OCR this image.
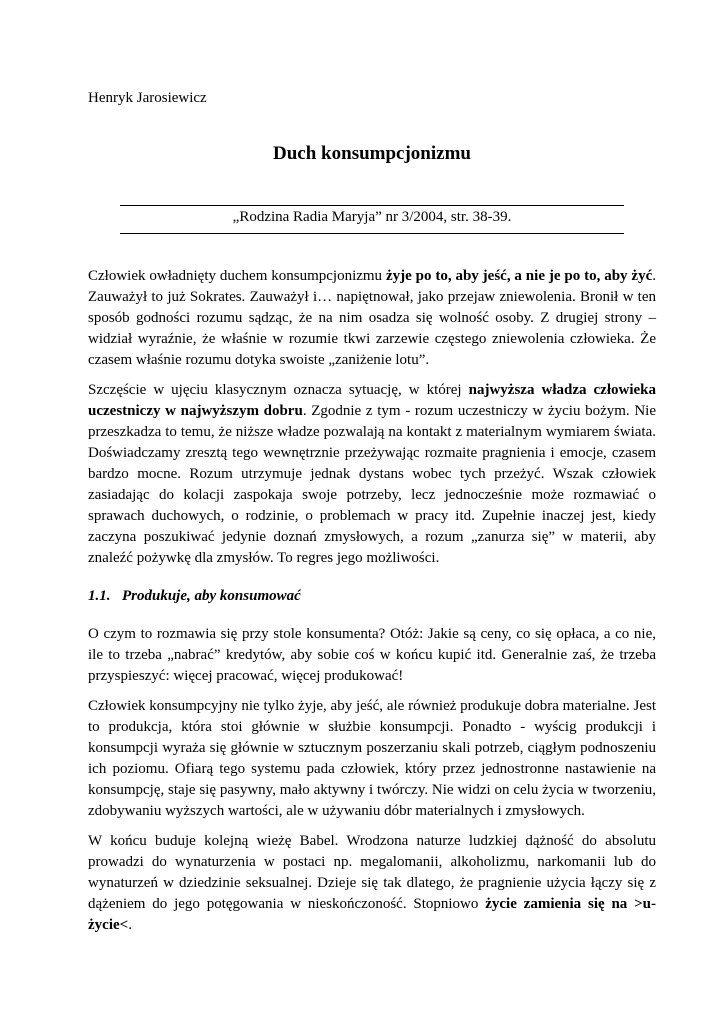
Henryk Jarosiewicz
Duch konsumpcjonizmu
„Rodzina Radia Maryja” nr 3/2004, str. 38-39.

Człowiek owładnięty duchem konsumpcjonizmu żyje po to, aby jeść, a nie je po to, aby żyć. Zauważył to już Sokrates. Zauważył i… napiętnował, jako przejaw zniewolenia. Bronił w ten sposób godności rozumu sądząc, że na nim osadza się wolność osoby. Z drugiej strony – widział wyraźnie, że właśnie w rozumie tkwi zarzewie częstego zniewolenia człowieka. Że czasem właśnie rozumu dotyka swoiste „zaniżenie lotu”.

Szczęście w ujęciu klasycznym oznacza sytuację, w której najwyższa władza człowieka uczestniczy w najwyższym dobru. Zgodnie z tym - rozum uczestniczy w życiu bożym. Nie przeszkadza to temu, że niższe władze pozwalają na kontakt z materialnym wymiarem świata. Doświadczamy zresztą tego wewnętrznie przeżywając rozmaite pragnienia i emocje, czasem bardzo mocne. Rozum utrzymuje jednak dystans wobec tych przeżyć. Wszak człowiek zasiadając do kolacji zaspokaja swoje potrzeby, lecz jednocześnie może rozmawiać o sprawach duchowych, o rodzinie, o problemach w pracy itd. Zupełnie inaczej jest, kiedy zaczyna poszukiwać jedynie doznań zmysłowych, a rozum „zanurza się” w materii, aby znaleźć pożywkę dla zmysłów. To regres jego możliwości.

1.1. Produkuje, aby konsumować

O czym to rozmawia się przy stole konsumenta? Otóż: Jakie są ceny, co się opłaca, a co nie, ile to trzeba „nabrać” kredytów, aby sobie coś w końcu kupić itd. Generalnie zaś, że trzeba przyspieszyć: więcej pracować, więcej produkować!

Człowiek konsumpcyjny nie tylko żyje, aby jeść, ale również produkuje dobra materialne. Jest to produkcja, która stoi głównie w służbie konsumpcji. Ponadto - wyścig produkcji i konsumpcji wyraża się głównie w sztucznym poszerzaniu skali potrzeb, ciągłym podnoszeniu ich poziomu. Ofiarą tego systemu pada człowiek, który przez jednostronne nastawienie na konsumpcję, staje się pasywny, mało aktywny i twórczy. Nie widzi on celu życia w tworzeniu, zdobywaniu wyższych wartości, ale w używaniu dóbr materialnych i zmysłowych.

W końcu buduje kolejną wieżę Babel. Wrodzona naturze ludzkiej dążność do absolutu prowadzi do wynaturzenia w postaci np. megalomanii, alkoholizmu, narkomanii lub do wynaturzeń w dziedzinie seksualnej. Dzieje się tak dlatego, że pragnienie użycia łączy się z dążeniem do jego potęgowania w nieskończoność. Stopniowo życie zamienia się na >u-życie<.
